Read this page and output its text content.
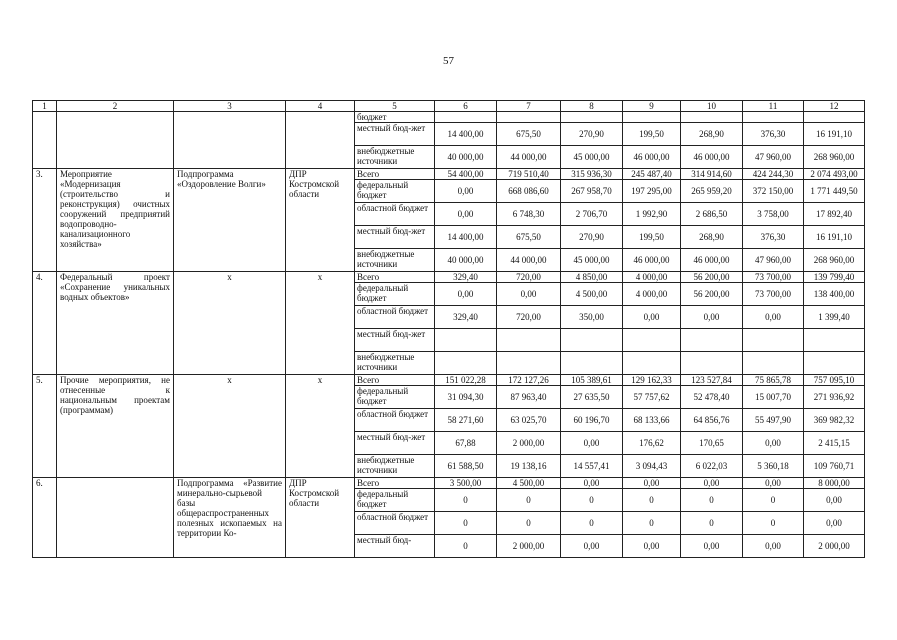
57
1	2	3	4	5	6	7	8	9	10	11	12
				бюджет							
				местный бюд-жет	14 400,00	675,50	270,90	199,50	268,90	376,30	16 191,10
				внебюджетные источники	40 000,00	44 000,00	45 000,00	46 000,00	46 000,00	47 960,00	268 960,00
3.	Мероприятие «Модернизация (строительство и реконструкция) очистных сооружений предприятий водопроводно-канализационного хозяйства»	Подпрограмма «Оздоровление Волги»	ДПР Костромской области	Всего	54 400,00	719 510,40	315 936,30	245 487,40	314 914,60	424 244,30	2 074 493,00
				федеральный бюджет	0,00	668 086,60	267 958,70	197 295,00	265 959,20	372 150,00	1 771 449,50
				областной бюджет	0,00	6 748,30	2 706,70	1 992,90	2 686,50	3 758,00	17 892,40
				местный бюд-жет	14 400,00	675,50	270,90	199,50	268,90	376,30	16 191,10
				внебюджетные источники	40 000,00	44 000,00	45 000,00	46 000,00	46 000,00	47 960,00	268 960,00
4.	Федеральный проект «Сохранение уникальных водных объектов»	х	х	Всего	329,40	720,00	4 850,00	4 000,00	56 200,00	73 700,00	139 799,40
				федеральный бюджет	0,00	0,00	4 500,00	4 000,00	56 200,00	73 700,00	138 400,00
				областной бюджет	329,40	720,00	350,00	0,00	0,00	0,00	1 399,40
				местный бюд-жет							
				внебюджетные источники							
5.	Прочие мероприятия, не отнесенные к национальным проектам (программам)	х	х	Всего	151 022,28	172 127,26	105 389,61	129 162,33	123 527,84	75 865,78	757 095,10
				федеральный бюджет	31 094,30	87 963,40	27 635,50	57 757,62	52 478,40	15 007,70	271 936,92
				областной бюджет	58 271,60	63 025,70	60 196,70	68 133,66	64 856,76	55 497,90	369 982,32
				местный бюд-жет	67,88	2 000,00	0,00	176,62	170,65	0,00	2 415,15
				внебюджетные источники	61 588,50	19 138,16	14 557,41	3 094,43	6 022,03	5 360,18	109 760,71
6.		Подпрограмма «Развитие минерально-сырьевой базы общераспространенных полезных ископаемых на территории Ко-	ДПР Костромской области	Всего	3 500,00	4 500,00	0,00	0,00	0,00	0,00	8 000,00
				федеральный бюджет	0	0	0	0	0	0	0,00
				областной бюджет	0	0	0	0	0	0	0,00
				местный бюд-	0	2 000,00	0,00	0,00	0,00	0,00	2 000,00
